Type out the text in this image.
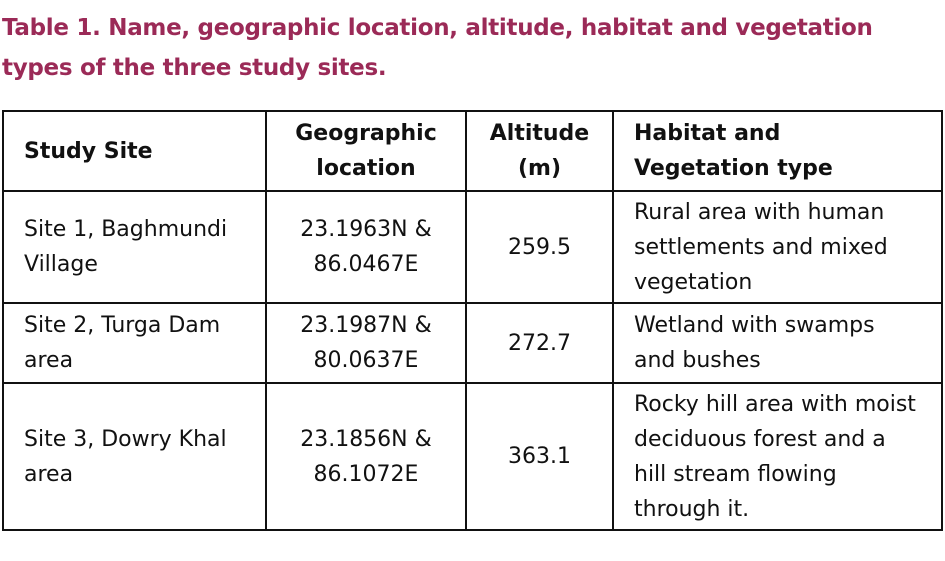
Table 1. Name, geographic location, altitude, habitat and vegetation types of the three study sites.

Study Site	Geographic location	Altitude (m)	Habitat and Vegetation type
Site 1, Baghmundi Village	23.1963N & 86.0467E	259.5	Rural area with human settlements and mixed vegetation
Site 2, Turga Dam area	23.1987N & 80.0637E	272.7	Wetland with swamps and bushes
Site 3, Dowry Khal area	23.1856N & 86.1072E	363.1	Rocky hill area with moist deciduous forest and a hill stream flowing through it.
